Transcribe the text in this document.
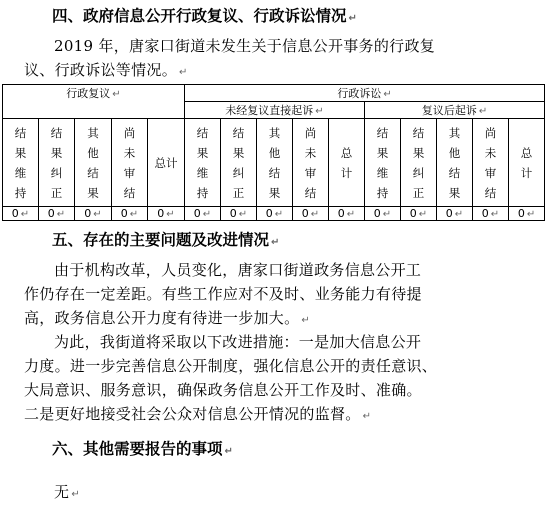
四、政府信息公开行政复议、行政诉讼情况 ↵
2019 年，唐家口街道未发生关于信息公开事务的行政复
议、行政诉讼等情况。 ↵
行政复议 ↵					行政诉讼 ↵									
					未经复议直接起诉 ↵					复议后起诉 ↵				

结
果
维
持	结
果
纠
正	其
他
结
果	尚
未
审
结	总计	结
果
维
持	结
果
纠
正	其
他
结
果	尚
未
审
结	总
计	结
果
维
持	结
果
纠
正	其
他
结
果	尚
未
审
结	总
计

0 ↵	0 ↵	0 ↵	0 ↵	0 ↵	0 ↵	0 ↵	0 ↵	0 ↵	0 ↵	0 ↵	0 ↵	0 ↵	0 ↵	0 ↵
五、存在的主要问题及改进情况 ↵
由于机构改革，人员变化，唐家口街道政务信息公开工
作仍存在一定差距。有些工作应对不及时、业务能力有待提
高，政务信息公开力度有待进一步加大。 ↵
为此，我街道将采取以下改进措施：一是加大信息公开
力度。进一步完善信息公开制度，强化信息公开的责任意识、
大局意识、服务意识，确保政务信息公开工作及时、准确。
二是更好地接受社会公众对信息公开情况的监督。 ↵
六、其他需要报告的事项 ↵
无 ↵
